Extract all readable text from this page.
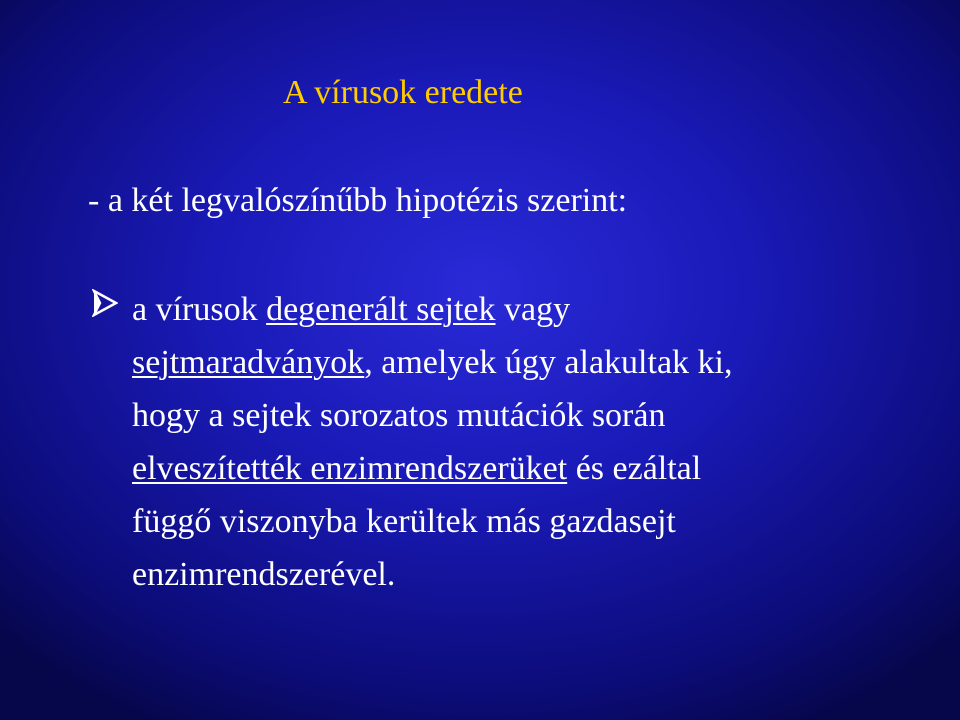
A vírusok eredete
- a két legvalószínűbb hipotézis szerint:
a vírusok degenerált sejtek vagy
sejtmaradványok, amelyek úgy alakultak ki,
hogy a sejtek sorozatos mutációk során
elveszítették enzimrendszerüket és ezáltal
függő viszonyba kerültek más gazdasejt
enzimrendszerével.
